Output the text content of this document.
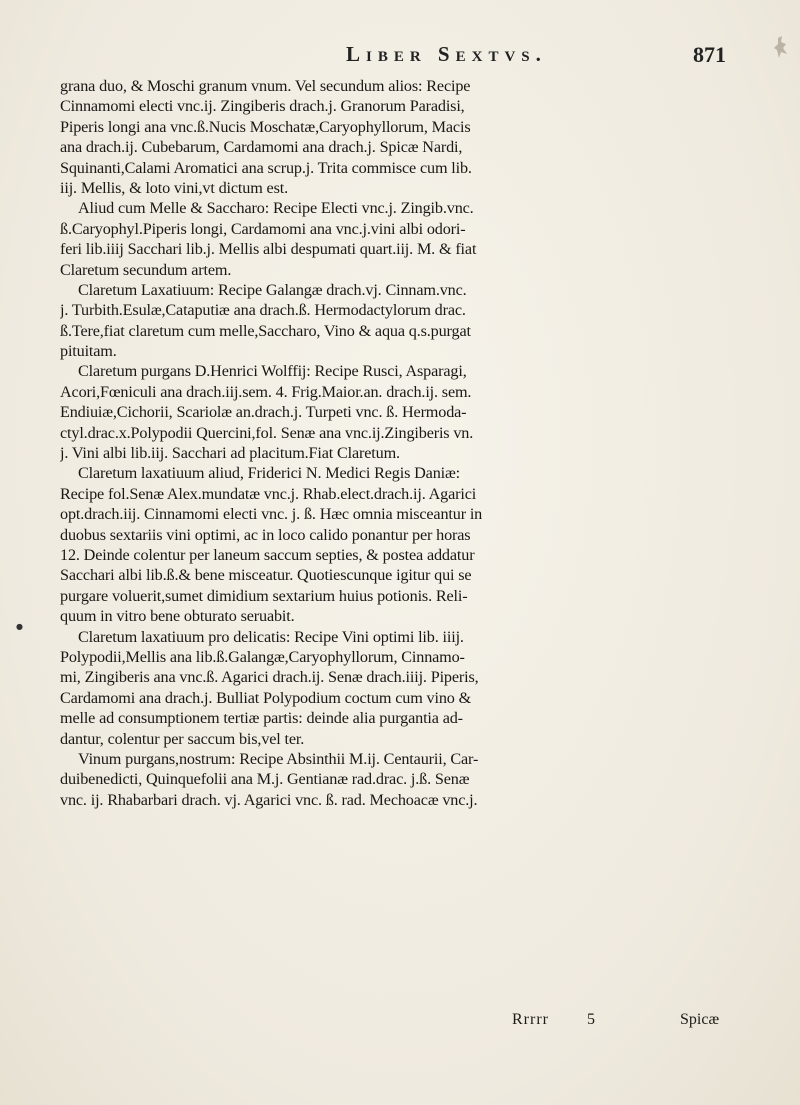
Liber Sextvs.	871
grana duo, & Moschi granum vnum. Vel secundum alios: Recipe
Cinnamomi electi vnc.ij. Zingiberis drach.j. Granorum Paradisi,
Piperis longi ana vnc.ß.Nucis Moschatæ,Caryophyllorum, Macis
ana drach.ij. Cubebarum, Cardamomi ana drach.j. Spicæ Nardi,
Squinanti,Calami Aromatici ana scrup.j. Trita commisce cum lib.
iij. Mellis, & loto vini,vt dictum est.
Aliud cum Melle & Saccharo: Recipe Electi vnc.j. Zingib.vnc.
ß.Caryophyl.Piperis longi, Cardamomi ana vnc.j.vini albi odori-
feri lib.iiij Sacchari lib.j. Mellis albi despumati quart.iij. M. & fiat
Claretum secundum artem.
Claretum Laxatiuum: Recipe Galangæ drach.vj. Cinnam.vnc.
j. Turbith.Esulæ,Cataputiæ ana drach.ß. Hermodactylorum drac.
ß.Tere,fiat claretum cum melle,Saccharo, Vino & aqua q.s.purgat
pituitam.
Claretum purgans D.Henrici Wolffij: Recipe Rusci, Asparagi,
Acori,Fœniculi ana drach.iij.sem. 4. Frig.Maior.an. drach.ij. sem.
Endiuiæ,Cichorii, Scariolæ an.drach.j. Turpeti vnc. ß. Hermoda-
ctyl.drac.x.Polypodii Quercini,fol. Senæ ana vnc.ij.Zingiberis vn.
j. Vini albi lib.iij. Sacchari ad placitum.Fiat Claretum.
Claretum laxatiuum aliud, Friderici N. Medici Regis Daniæ:
Recipe fol.Senæ Alex.mundatæ vnc.j. Rhab.elect.drach.ij. Agarici
opt.drach.iij. Cinnamomi electi vnc. j. ß. Hæc omnia misceantur in
duobus sextariis vini optimi, ac in loco calido ponantur per horas
12. Deinde colentur per laneum saccum septies, & postea addatur
Sacchari albi lib.ß.& bene misceatur. Quotiescunque igitur qui se
purgare voluerit,sumet dimidium sextarium huius potionis. Reli-
quum in vitro bene obturato seruabit.
Claretum laxatiuum pro delicatis: Recipe Vini optimi lib. iiij.
Polypodii,Mellis ana lib.ß.Galangæ,Caryophyllorum, Cinnamo-
mi, Zingiberis ana vnc.ß. Agarici drach.ij. Senæ drach.iiij. Piperis,
Cardamomi ana drach.j. Bulliat Polypodium coctum cum vino &
melle ad consumptionem tertiæ partis: deinde alia purgantia ad-
dantur, colentur per saccum bis,vel ter.
Vinum purgans,nostrum: Recipe Absinthii M.ij. Centaurii, Car-
duibenedicti, Quinquefolii ana M.j. Gentianæ rad.drac. j.ß. Senæ
vnc. ij. Rhabarbari drach. vj. Agarici vnc. ß. rad. Mechoacæ vnc.j.
●
Rrrrr 5	Spicæ
